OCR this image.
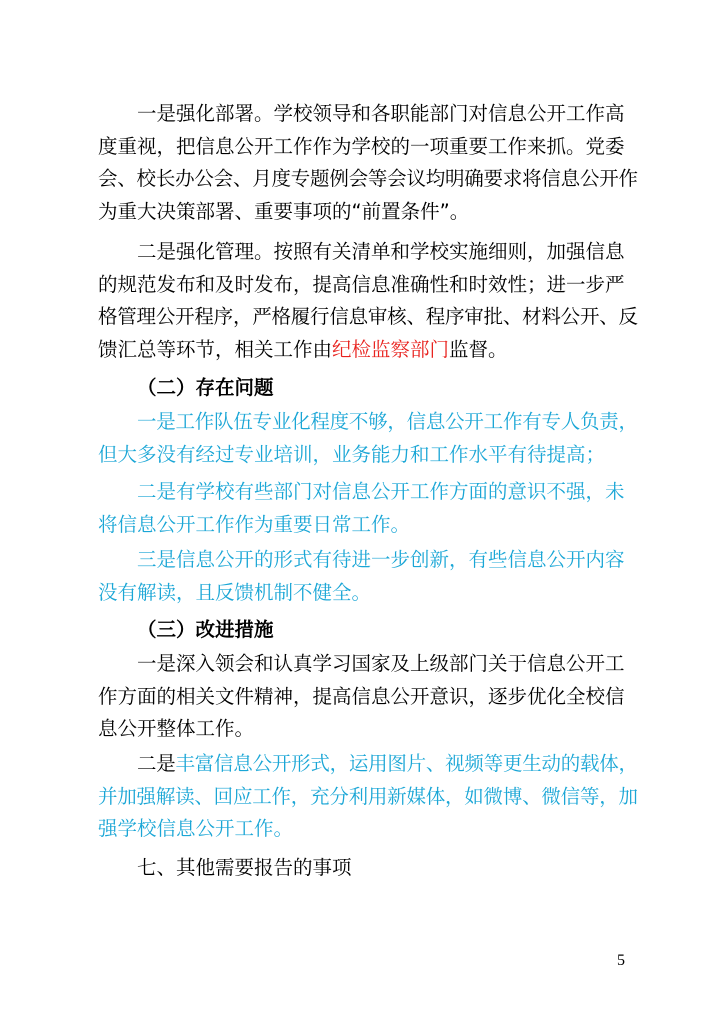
一是强化部署。学校领导和各职能部门对信息公开工作高
度重视，把信息公开工作作为学校的一项重要工作来抓。党委
会、校长办公会、月度专题例会等会议均明确要求将信息公开作
为重大决策部署、重要事项的“前置条件”。
二是强化管理。按照有关清单和学校实施细则，加强信息
的规范发布和及时发布，提高信息准确性和时效性；进一步严
格管理公开程序，严格履行信息审核、程序审批、材料公开、反
馈汇总等环节，相关工作由纪检监察部门监督。
（二）存在问题
一是工作队伍专业化程度不够，信息公开工作有专人负责，
但大多没有经过专业培训，业务能力和工作水平有待提高；
二是有学校有些部门对信息公开工作方面的意识不强，未
将信息公开工作作为重要日常工作。
三是信息公开的形式有待进一步创新，有些信息公开内容
没有解读，且反馈机制不健全。
（三）改进措施
一是深入领会和认真学习国家及上级部门关于信息公开工
作方面的相关文件精神，提高信息公开意识，逐步优化全校信
息公开整体工作。
二是丰富信息公开形式，运用图片、视频等更生动的载体，
并加强解读、回应工作，充分利用新媒体，如微博、微信等，加
强学校信息公开工作。
七、其他需要报告的事项
5
